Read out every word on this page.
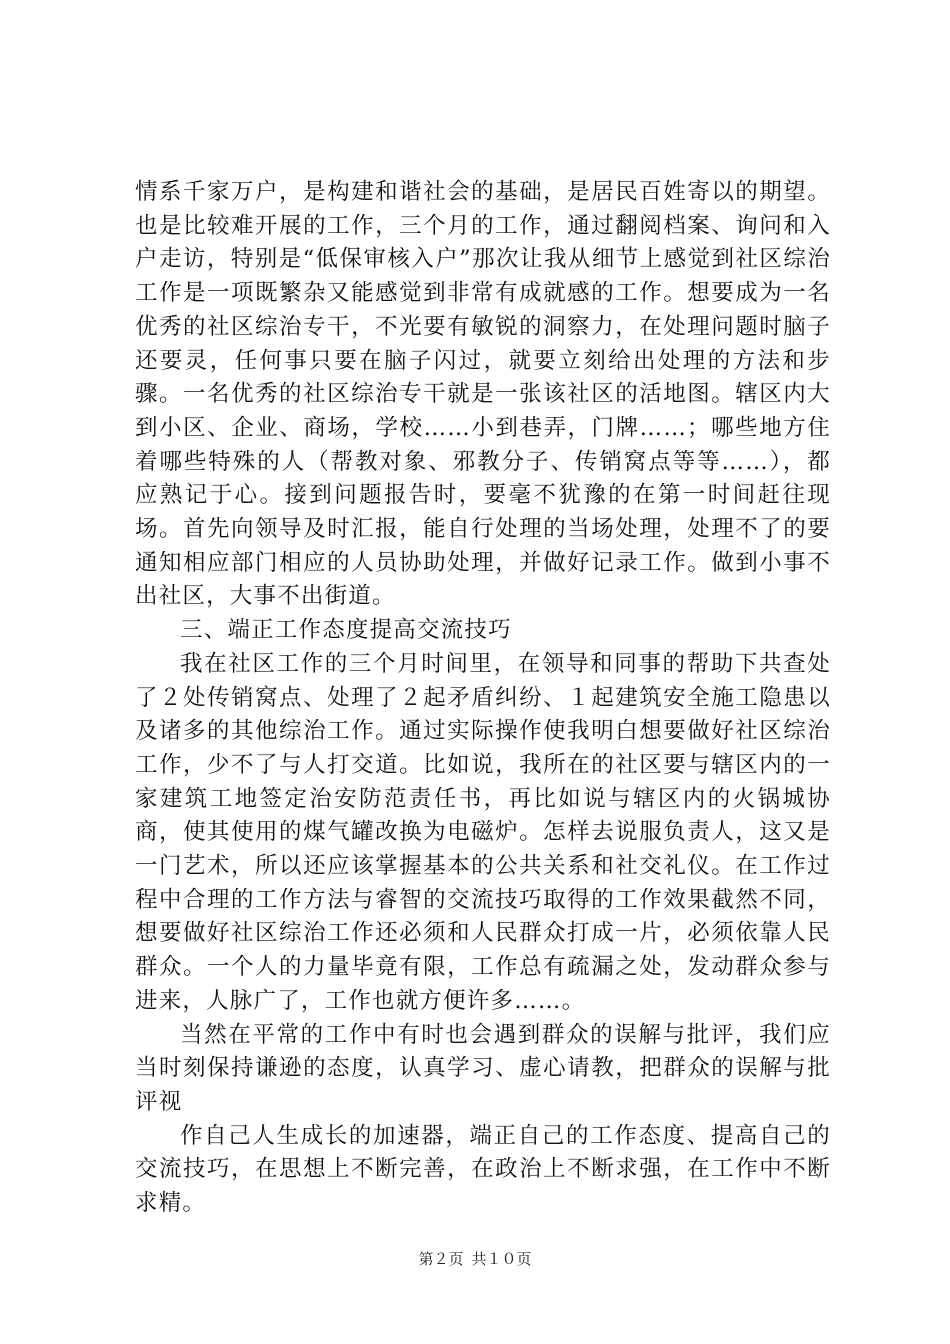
情系千家万户，是构建和谐社会的基础，是居民百姓寄以的期望。也是比较难开展的工作，三个月的工作，通过翻阅档案、询问和入户走访，特别是“低保审核入户”那次让我从细节上感觉到社区综治工作是一项既繁杂又能感觉到非常有成就感的工作。想要成为一名优秀的社区综治专干，不光要有敏锐的洞察力，在处理问题时脑子还要灵，任何事只要在脑子闪过，就要立刻给出处理的方法和步骤。一名优秀的社区综治专干就是一张该社区的活地图。辖区内大到小区、企业、商场，学校……小到巷弄，门牌……；哪些地方住着哪些特殊的人（帮教对象、邪教分子、传销窝点等等……），都应熟记于心。接到问题报告时，要毫不犹豫的在第一时间赶往现场。首先向领导及时汇报，能自行处理的当场处理，处理不了的要通知相应部门相应的人员协助处理，并做好记录工作。做到小事不出社区，大事不出街道。

三、端正工作态度提高交流技巧

我在社区工作的三个月时间里，在领导和同事的帮助下共查处了２处传销窝点、处理了２起矛盾纠纷、１起建筑安全施工隐患以及诸多的其他综治工作。通过实际操作使我明白想要做好社区综治工作，少不了与人打交道。比如说，我所在的社区要与辖区内的一家建筑工地签定治安防范责任书，再比如说与辖区内的火锅城协商，使其使用的煤气罐改换为电磁炉。怎样去说服负责人，这又是一门艺术，所以还应该掌握基本的公共关系和社交礼仪。在工作过程中合理的工作方法与睿智的交流技巧取得的工作效果截然不同，想要做好社区综治工作还必须和人民群众打成一片，必须依靠人民群众。一个人的力量毕竟有限，工作总有疏漏之处，发动群众参与进来，人脉广了，工作也就方便许多……。

当然在平常的工作中有时也会遇到群众的误解与批评，我们应当时刻保持谦逊的态度，认真学习、虚心请教，把群众的误解与批评视

作自己人生成长的加速器，端正自己的工作态度、提高自己的交流技巧，在思想上不断完善，在政治上不断求强，在工作中不断求精。

第２页 共１０页
